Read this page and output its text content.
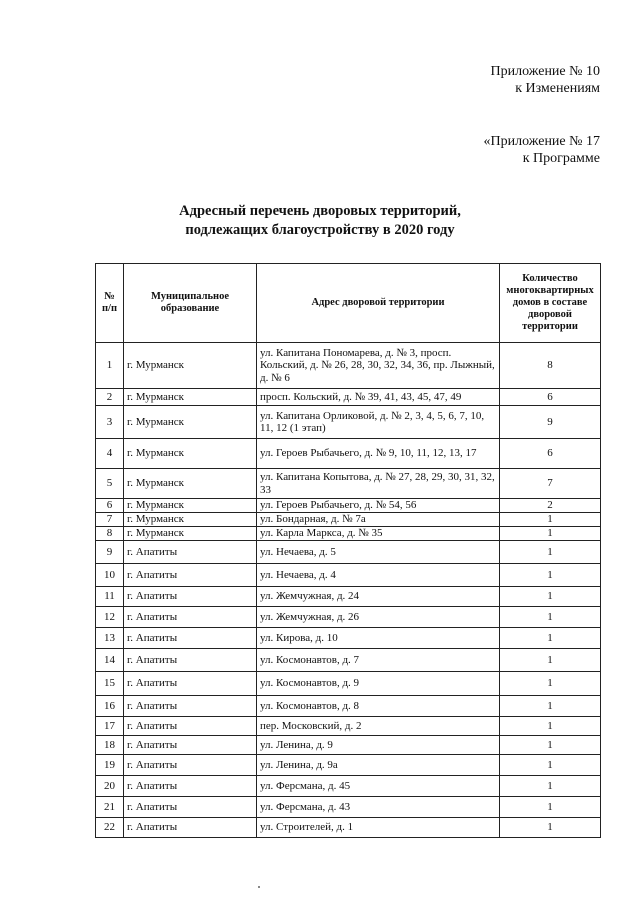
Приложение № 10
к Изменениям
«Приложение № 17
к Программе
Адресный перечень дворовых территорий,
подлежащих благоустройству в 2020 году
№ п/п	Муниципальное образование	Адрес дворовой территории	Количество многоквартирных домов в составе дворовой территории
1	г. Мурманск	ул. Капитана Пономарева, д. № 3, просп. Кольский, д. № 26, 28, 30, 32, 34, 36, пр. Лыжный, д. № 6	8
2	г. Мурманск	просп. Кольский, д. № 39, 41, 43, 45, 47, 49	6
3	г. Мурманск	ул. Капитана Орликовой, д. № 2, 3, 4, 5, 6, 7, 10, 11, 12 (1 этап)	9
4	г. Мурманск	ул. Героев Рыбачьего, д. № 9, 10, 11, 12, 13, 17	6
5	г. Мурманск	ул. Капитана Копытова, д. № 27, 28, 29, 30, 31, 32, 33	7
6	г. Мурманск	ул. Героев Рыбачьего, д. № 54, 56	2
7	г. Мурманск	ул. Бондарная, д. № 7а	1
8	г. Мурманск	ул. Карла Маркса, д. № 35	1
9	г. Апатиты	ул. Нечаева, д. 5	1
10	г. Апатиты	ул. Нечаева, д. 4	1
11	г. Апатиты	ул. Жемчужная, д. 24	1
12	г. Апатиты	ул. Жемчужная, д. 26	1
13	г. Апатиты	ул. Кирова, д. 10	1
14	г. Апатиты	ул. Космонавтов, д. 7	1
15	г. Апатиты	ул. Космонавтов, д. 9	1
16	г. Апатиты	ул. Космонавтов, д. 8	1
17	г. Апатиты	пер. Московский, д. 2	1
18	г. Апатиты	ул. Ленина, д. 9	1
19	г. Апатиты	ул. Ленина, д. 9а	1
20	г. Апатиты	ул. Ферсмана, д. 45	1
21	г. Апатиты	ул. Ферсмана, д. 43	1
22	г. Апатиты	ул. Строителей, д. 1	1
